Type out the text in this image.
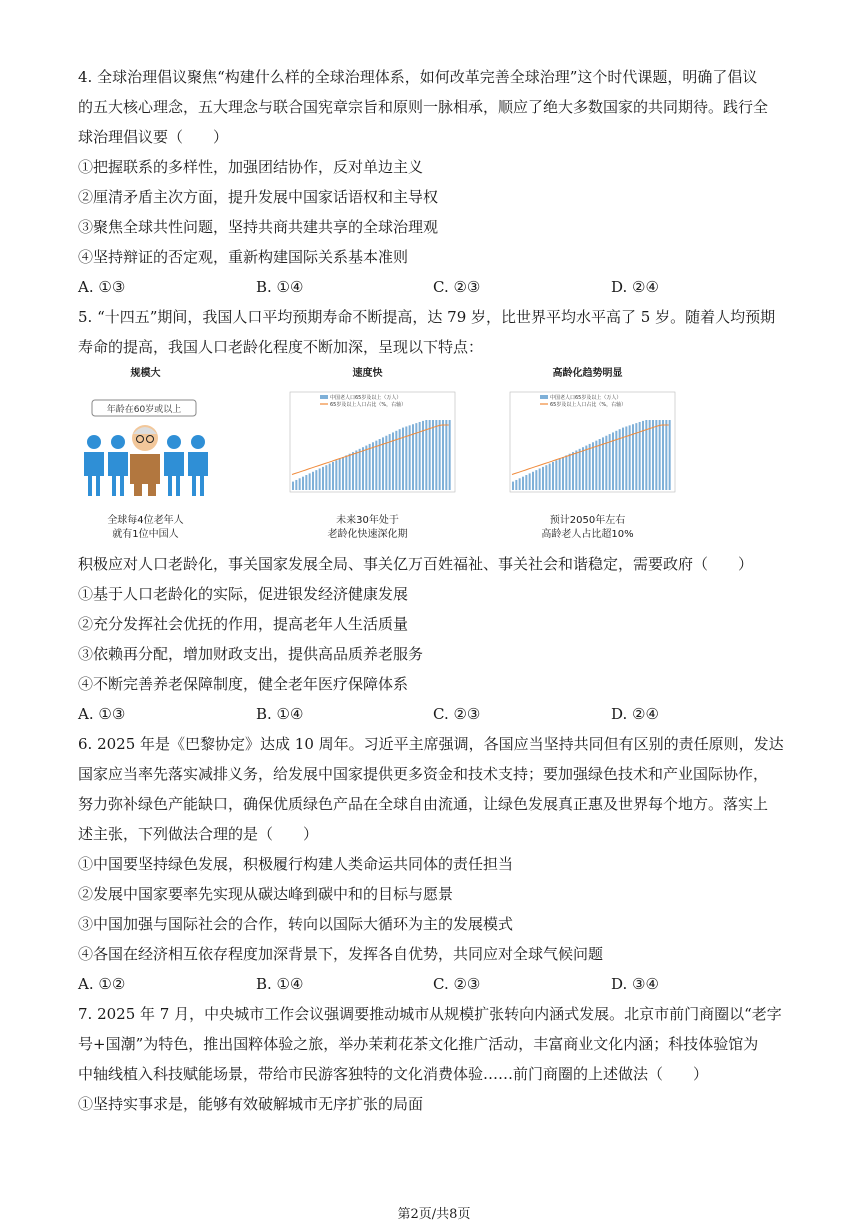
4. 全球治理倡议聚焦“构建什么样的全球治理体系，如何改革完善全球治理”这个时代课题，明确了倡议
的五大核心理念，五大理念与联合国宪章宗旨和原则一脉相承，顺应了绝大多数国家的共同期待。践行全
球治理倡议要（　　）
①把握联系的多样性，加强团结协作，反对单边主义
②厘清矛盾主次方面，提升发展中国家话语权和主导权
③聚焦全球共性问题，坚持共商共建共享的全球治理观
④坚持辩证的否定观，重新构建国际关系基本准则
A. ①③	B. ①④	C. ②③	D. ②④
5. “十四五”期间，我国人口平均预期寿命不断提高，达 79 岁，比世界平均水平高了 5 岁。随着人均预期
寿命的提高，我国人口老龄化程度不断加深，呈现以下特点：
规模大
年龄在60岁或以上
全球每4位老年人
就有1位中国人
速度快
中国老人口65岁及以上（万人）
65岁及以上人口占比（%，右轴）
未来30年处于
老龄化快速深化期
高龄化趋势明显
中国老人口65岁及以上（万人）
65岁及以上人口占比（%，右轴）
预计2050年左右
高龄老人占比超10%
积极应对人口老龄化，事关国家发展全局、事关亿万百姓福祉、事关社会和谐稳定，需要政府（　　）
①基于人口老龄化的实际，促进银发经济健康发展
②充分发挥社会优抚的作用，提高老年人生活质量
③依赖再分配，增加财政支出，提供高品质养老服务
④不断完善养老保障制度，健全老年医疗保障体系
A. ①③	B. ①④	C. ②③	D. ②④
6. 2025 年是《巴黎协定》达成 10 周年。习近平主席强调，各国应当坚持共同但有区别的责任原则，发达
国家应当率先落实减排义务，给发展中国家提供更多资金和技术支持；要加强绿色技术和产业国际协作，
努力弥补绿色产能缺口，确保优质绿色产品在全球自由流通，让绿色发展真正惠及世界每个地方。落实上
述主张，下列做法合理的是（　　）
①中国要坚持绿色发展，积极履行构建人类命运共同体的责任担当
②发展中国家要率先实现从碳达峰到碳中和的目标与愿景
③中国加强与国际社会的合作，转向以国际大循环为主的发展模式
④各国在经济相互依存程度加深背景下，发挥各自优势，共同应对全球气候问题
A. ①②	B. ①④	C. ②③	D. ③④
7. 2025 年 7 月，中央城市工作会议强调要推动城市从规模扩张转向内涵式发展。北京市前门商圈以“老字
号+国潮”为特色，推出国粹体验之旅，举办茉莉花茶文化推广活动，丰富商业文化内涵；科技体验馆为
中轴线植入科技赋能场景，带给市民游客独特的文化消费体验……前门商圈的上述做法（　　）
①坚持实事求是，能够有效破解城市无序扩张的局面
第2页/共8页
